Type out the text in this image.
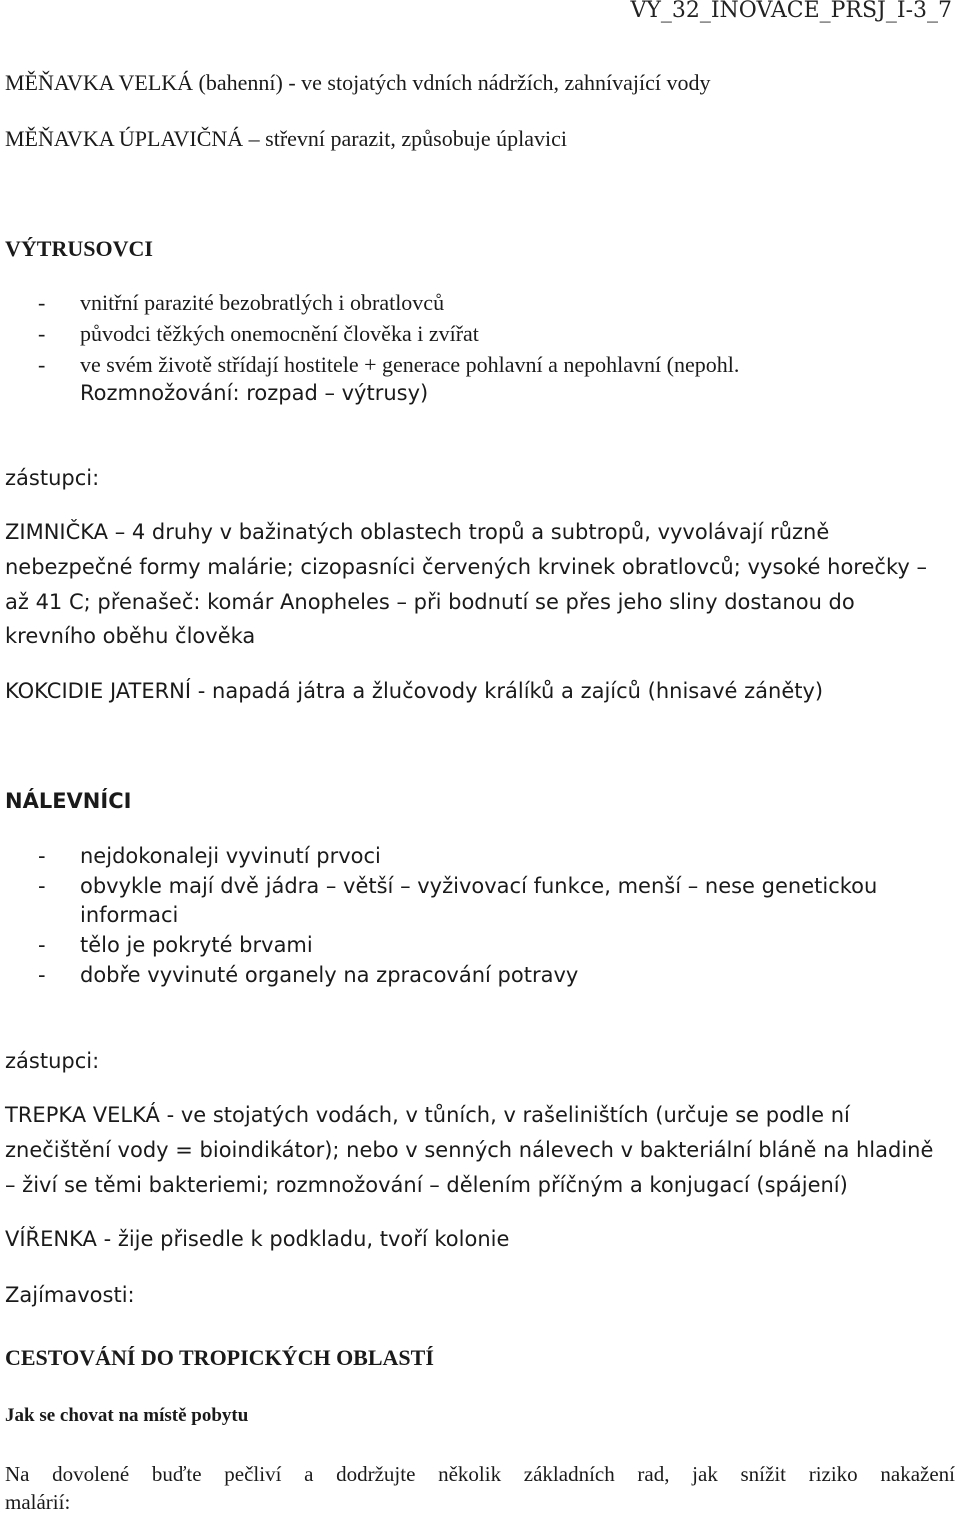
VY_32_INOVACE_PRSJ_I-3_7
MĚŇAVKA VELKÁ (bahenní) - ve stojatých vdních nádržích, zahnívající vody
MĚŇAVKA ÚPLAVIČNÁ – střevní parazit, způsobuje úplavici
VÝTRUSOVCI
- vnitřní parazité bezobratlých i obratlovců
- původci těžkých onemocnění člověka i zvířat
- ve svém životě střídají hostitele + generace pohlavní a nepohlavní (nepohl.
Rozmnožování: rozpad – výtrusy)
zástupci:
ZIMNIČKA – 4 druhy v bažinatých oblastech tropů a subtropů, vyvolávají různě
nebezpečné formy malárie; cizopasníci červených krvinek obratlovců; vysoké horečky –
až 41 C; přenašeč: komár Anopheles – při bodnutí se přes jeho sliny dostanou do
krevního oběhu člověka
KOKCIDIE JATERNÍ - napadá játra a žlučovody králíků a zajíců (hnisavé záněty)
NÁLEVNÍCI
- nejdokonaleji vyvinutí prvoci
- obvykle mají dvě jádra – větší – vyživovací funkce, menší – nese genetickou
informaci
- tělo je pokryté brvami
- dobře vyvinuté organely na zpracování potravy
zástupci:
TREPKA VELKÁ - ve stojatých vodách, v tůních, v rašeliništích (určuje se podle ní
znečištění vody = bioindikátor); nebo v senných nálevech v bakteriální bláně na hladině
– živí se těmi bakteriemi; rozmnožování – dělením příčným a konjugací (spájení)
VÍŘENKA - žije přisedle k podkladu, tvoří kolonie
Zajímavosti:
CESTOVÁNÍ DO TROPICKÝCH OBLASTÍ
Jak se chovat na místě pobytu
Na dovolené buďte pečliví a dodržujte několik základních rad, jak snížit riziko nakažení
malárií:
